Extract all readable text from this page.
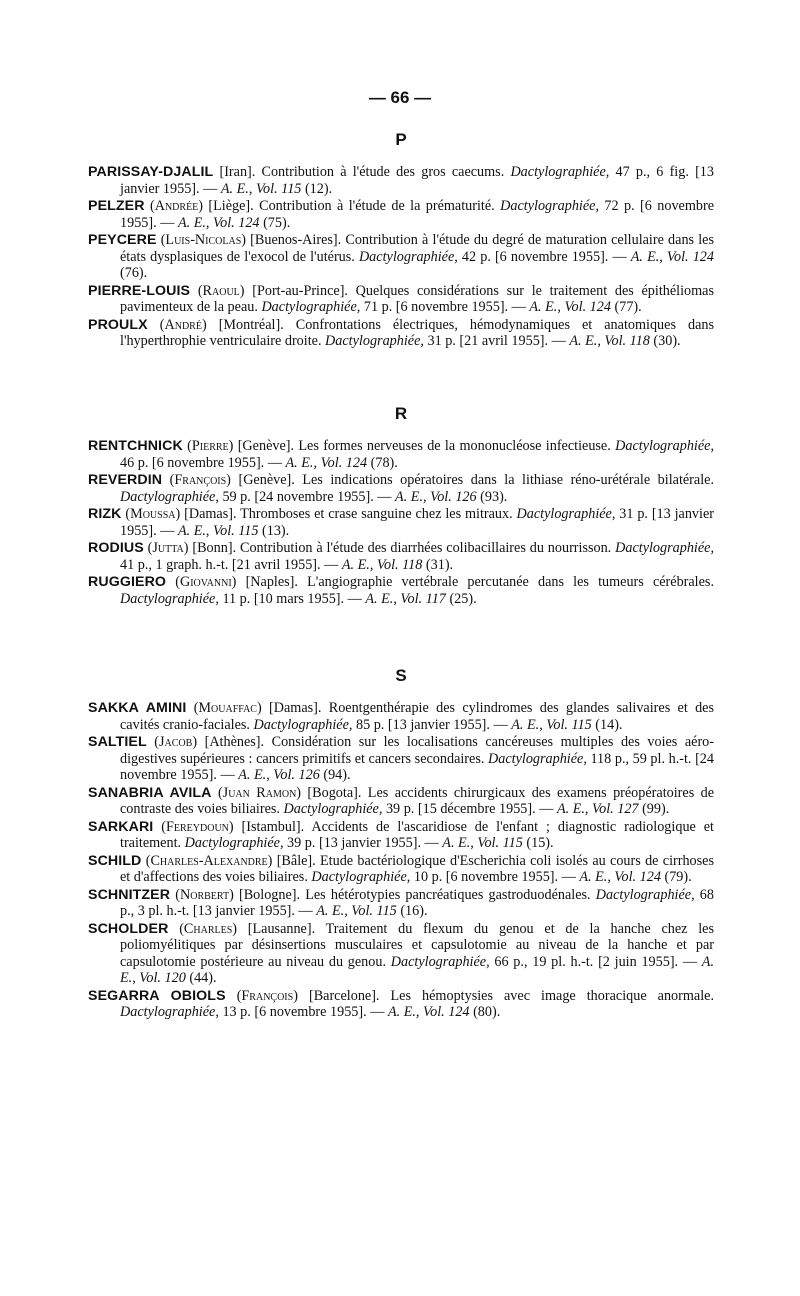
— 66 —
P

PARISSAY-DJALIL [Iran]. Contribution à l'étude des gros caecums. Dactylographiée, 47 p., 6 fig. [13 janvier 1955]. — A. E., Vol. 115 (12).

PELZER (Andrée) [Liège]. Contribution à l'étude de la prématurité. Dactylographiée, 72 p. [6 novembre 1955]. — A. E., Vol. 124 (75).

PEYCERE (Luis-Nicolas) [Buenos-Aires]. Contribution à l'étude du degré de maturation cellulaire dans les états dysplasiques de l'exocol de l'utérus. Dactylographiée, 42 p. [6 novembre 1955]. — A. E., Vol. 124 (76).

PIERRE-LOUIS (Raoul) [Port-au-Prince]. Quelques considérations sur le traitement des épithéliomas pavimenteux de la peau. Dactylographiée, 71 p. [6 novembre 1955]. — A. E., Vol. 124 (77).

PROULX (André) [Montréal]. Confrontations électriques, hémodynamiques et anatomiques dans l'hyperthrophie ventriculaire droite. Dactylographiée, 31 p. [21 avril 1955]. — A. E., Vol. 118 (30).

R

RENTCHNICK (Pierre) [Genève]. Les formes nerveuses de la mononucléose infectieuse. Dactylographiée, 46 p. [6 novembre 1955]. — A. E., Vol. 124 (78).

REVERDIN (François) [Genève]. Les indications opératoires dans la lithiase réno-urétérale bilatérale. Dactylographiée, 59 p. [24 novembre 1955]. — A. E., Vol. 126 (93).

RIZK (Moussa) [Damas]. Thromboses et crase sanguine chez les mitraux. Dactylographiée, 31 p. [13 janvier 1955]. — A. E., Vol. 115 (13).

RODIUS (Jutta) [Bonn]. Contribution à l'étude des diarrhées colibacillaires du nourrisson. Dactylographiée, 41 p., 1 graph. h.-t. [21 avril 1955]. — A. E., Vol. 118 (31).

RUGGIERO (Giovanni) [Naples]. L'angiographie vertébrale percutanée dans les tumeurs cérébrales. Dactylographiée, 11 p. [10 mars 1955]. — A. E., Vol. 117 (25).

S

SAKKA AMINI (Mouaffac) [Damas]. Roentgenthérapie des cylindromes des glandes salivaires et des cavités cranio-faciales. Dactylographiée, 85 p. [13 janvier 1955]. — A. E., Vol. 115 (14).

SALTIEL (Jacob) [Athènes]. Considération sur les localisations cancéreuses multiples des voies aéro-digestives supérieures : cancers primitifs et cancers secondaires. Dactylographiée, 118 p., 59 pl. h.-t. [24 novembre 1955]. — A. E., Vol. 126 (94).

SANABRIA AVILA (Juan Ramon) [Bogota]. Les accidents chirurgicaux des examens préopératoires de contraste des voies biliaires. Dactylographiée, 39 p. [15 décembre 1955]. — A. E., Vol. 127 (99).

SARKARI (Fereydoun) [Istambul]. Accidents de l'ascaridiose de l'enfant ; diagnostic radiologique et traitement. Dactylographiée, 39 p. [13 janvier 1955]. — A. E., Vol. 115 (15).

SCHILD (Charles-Alexandre) [Bâle]. Etude bactériologique d'Escherichia coli isolés au cours de cirrhoses et d'affections des voies biliaires. Dactylographiée, 10 p. [6 novembre 1955]. — A. E., Vol. 124 (79).

SCHNITZER (Norbert) [Bologne]. Les hétérotypies pancréatiques gastroduodénales. Dactylographiée, 68 p., 3 pl. h.-t. [13 janvier 1955]. — A. E., Vol. 115 (16).

SCHOLDER (Charles) [Lausanne]. Traitement du flexum du genou et de la hanche chez les poliomyélitiques par désinsertions musculaires et capsulotomie au niveau de la hanche et par capsulotomie postérieure au niveau du genou. Dactylographiée, 66 p., 19 pl. h.-t. [2 juin 1955]. — A. E., Vol. 120 (44).

SEGARRA OBIOLS (François) [Barcelone]. Les hémoptysies avec image thoracique anormale. Dactylographiée, 13 p. [6 novembre 1955]. — A. E., Vol. 124 (80).
